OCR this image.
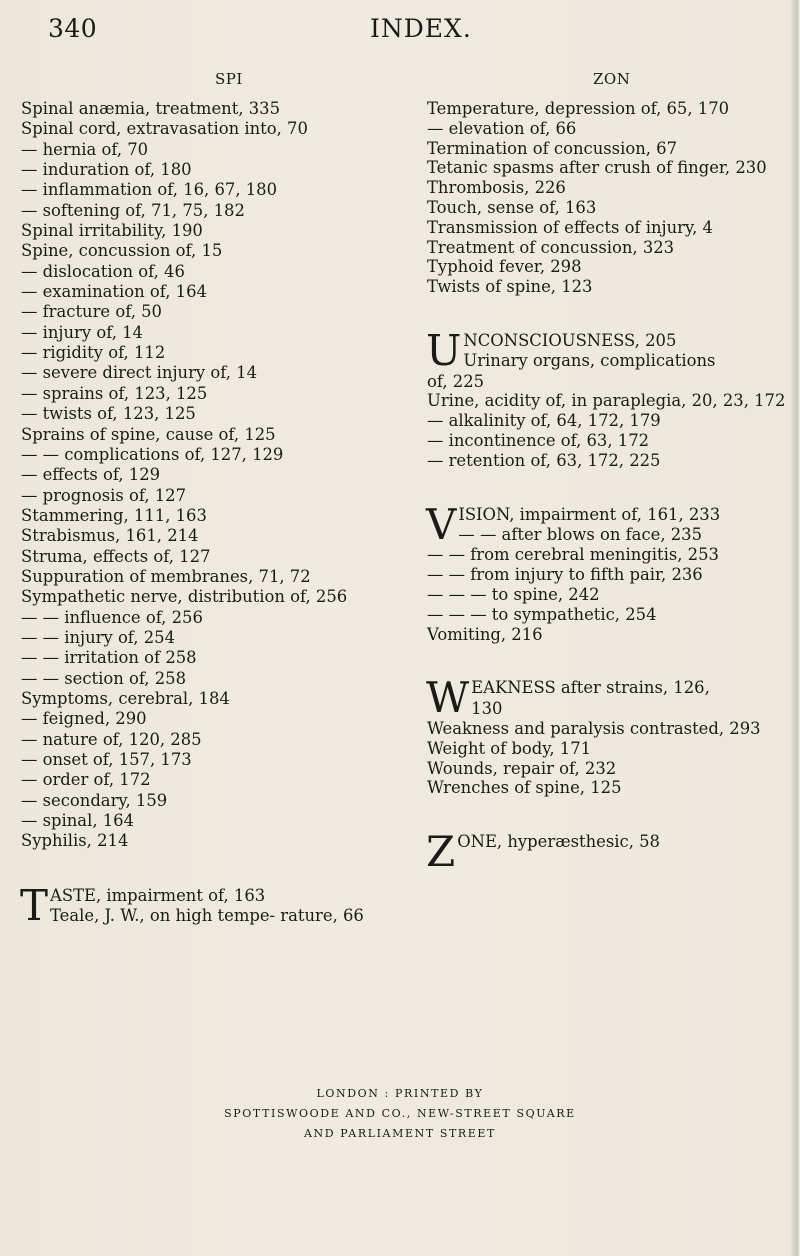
340	INDEX.
SPI	ZON
Spinal anæmia, treatment, 335
Spinal cord, extravasation into, 70
— hernia of, 70
— induration of, 180
— inflammation of, 16, 67, 180
— softening of, 71, 75, 182
Spinal irritability, 190
Spine, concussion of, 15
— dislocation of, 46
— examination of, 164
— fracture of, 50
— injury of, 14
— rigidity of, 112
— severe direct injury of, 14
— sprains of, 123, 125
— twists of, 123, 125
Sprains of spine, cause of, 125
— — complications of, 127, 129
— effects of, 129
— prognosis of, 127
Stammering, 111, 163
Strabismus, 161, 214
Struma, effects of, 127
Suppuration of membranes, 71, 72
Sympathetic nerve, distribution of, 256
— — influence of, 256
— — injury of, 254
— — irritation of 258
— — section of, 258
Symptoms, cerebral, 184
— feigned, 290
— nature of, 120, 285
— onset of, 157, 173
— order of, 172
— secondary, 159
— spinal, 164
Syphilis, 214
T ASTE, impairment of, 163
Teale, J. W., on high tempe- rature, 66
Temperature, depression of, 65, 170
— elevation of, 66
Termination of concussion, 67
Tetanic spasms after crush of finger, 230
Thrombosis, 226
Touch, sense of, 163
Transmission of effects of injury, 4
Treatment of concussion, 323
Typhoid fever, 298
Twists of spine, 123
U NCONSCIOUSNESS, 205
Urinary organs, complications
of, 225
Urine, acidity of, in paraplegia, 20, 23, 172
— alkalinity of, 64, 172, 179
— incontinence of, 63, 172
— retention of, 63, 172, 225
V ISION, impairment of, 161, 233
— — after blows on face, 235
— — from cerebral meningitis, 253
— — from injury to fifth pair, 236
— — — to spine, 242
— — — to sympathetic, 254
Vomiting, 216
W EAKNESS after strains, 126,
130
Weakness and paralysis contrasted, 293
Weight of body, 171
Wounds, repair of, 232
Wrenches of spine, 125
Z ONE, hyperæsthesic, 58
LONDON : PRINTED BY
SPOTTISWOODE AND CO., NEW-STREET SQUARE
AND PARLIAMENT STREET
